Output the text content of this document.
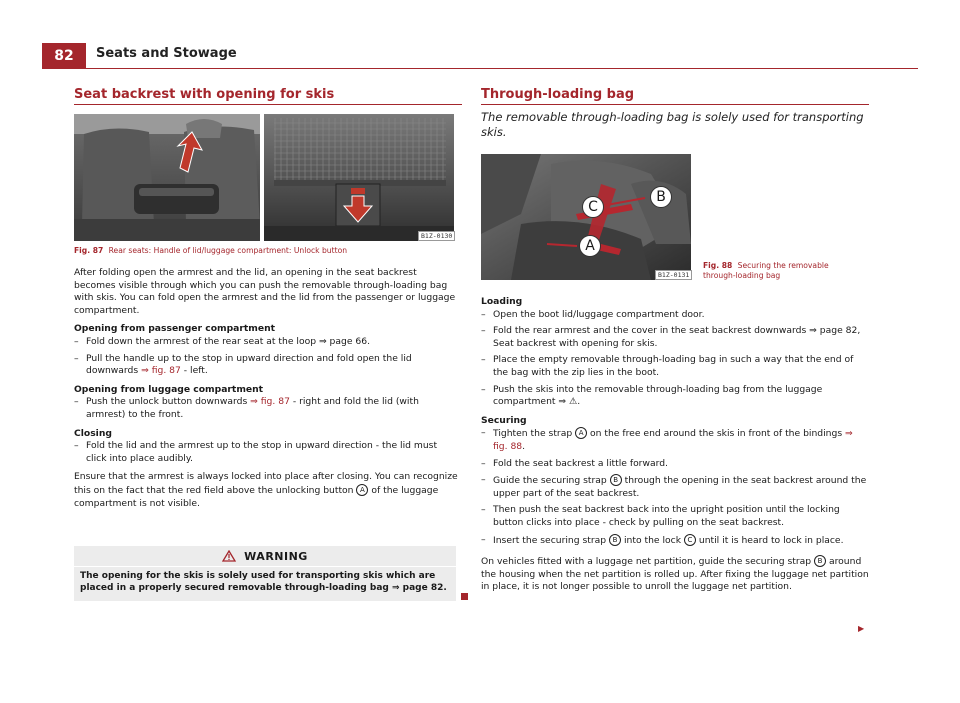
82	Seats and Stowage
Seat backrest with opening for skis
B1Z-0130
Fig. 87 Rear seats: Handle of lid/luggage compartment: Unlock button

After folding open the armrest and the lid, an opening in the seat backrest becomes visible through which you can push the removable through-loading bag with skis. You can fold open the armrest and the lid from the passenger or luggage compartment.

Opening from passenger compartment
– Fold down the armrest of the rear seat at the loop ⇒ page 66.
– Pull the handle up to the stop in upward direction and fold open the lid downwards ⇒ fig. 87 - left.
Opening from luggage compartment
– Push the unlock button downwards ⇒ fig. 87 - right and fold the lid (with armrest) to the front.
Closing
– Fold the lid and the armrest up to the stop in upward direction - the lid must click into place audibly.

Ensure that the armrest is always locked into place after closing. You can recognize this on the fact that the red field above the unlocking button A of the luggage compartment is not visible.

WARNING
The opening for the skis is solely used for transporting skis which are placed in a properly secured removable through-loading bag ⇒ page 82.
Through-loading bag
The removable through-loading bag is solely used for transporting skis.
C
B
A
B1Z-0131
Fig. 88 Securing the removable through-loading bag
Loading
– Open the boot lid/luggage compartment door.
– Fold the rear armrest and the cover in the seat backrest downwards ⇒ page 82, Seat backrest with opening for skis.
– Place the empty removable through-loading bag in such a way that the end of the bag with the zip lies in the boot.
– Push the skis into the removable through-loading bag from the luggage compartment ⇒ ⚠.
Securing
– Tighten the strap A on the free end around the skis in front of the bindings ⇒ fig. 88.
– Fold the seat backrest a little forward.
– Guide the securing strap B through the opening in the seat backrest around the upper part of the seat backrest.
– Then push the seat backrest back into the upright position until the locking button clicks into place - check by pulling on the seat backrest.
– Insert the securing strap B into the lock C until it is heard to lock in place.

On vehicles fitted with a luggage net partition, guide the securing strap B around the housing when the net partition is rolled up. After fixing the luggage net partition in place, it is not longer possible to unroll the luggage net partition.

▶
